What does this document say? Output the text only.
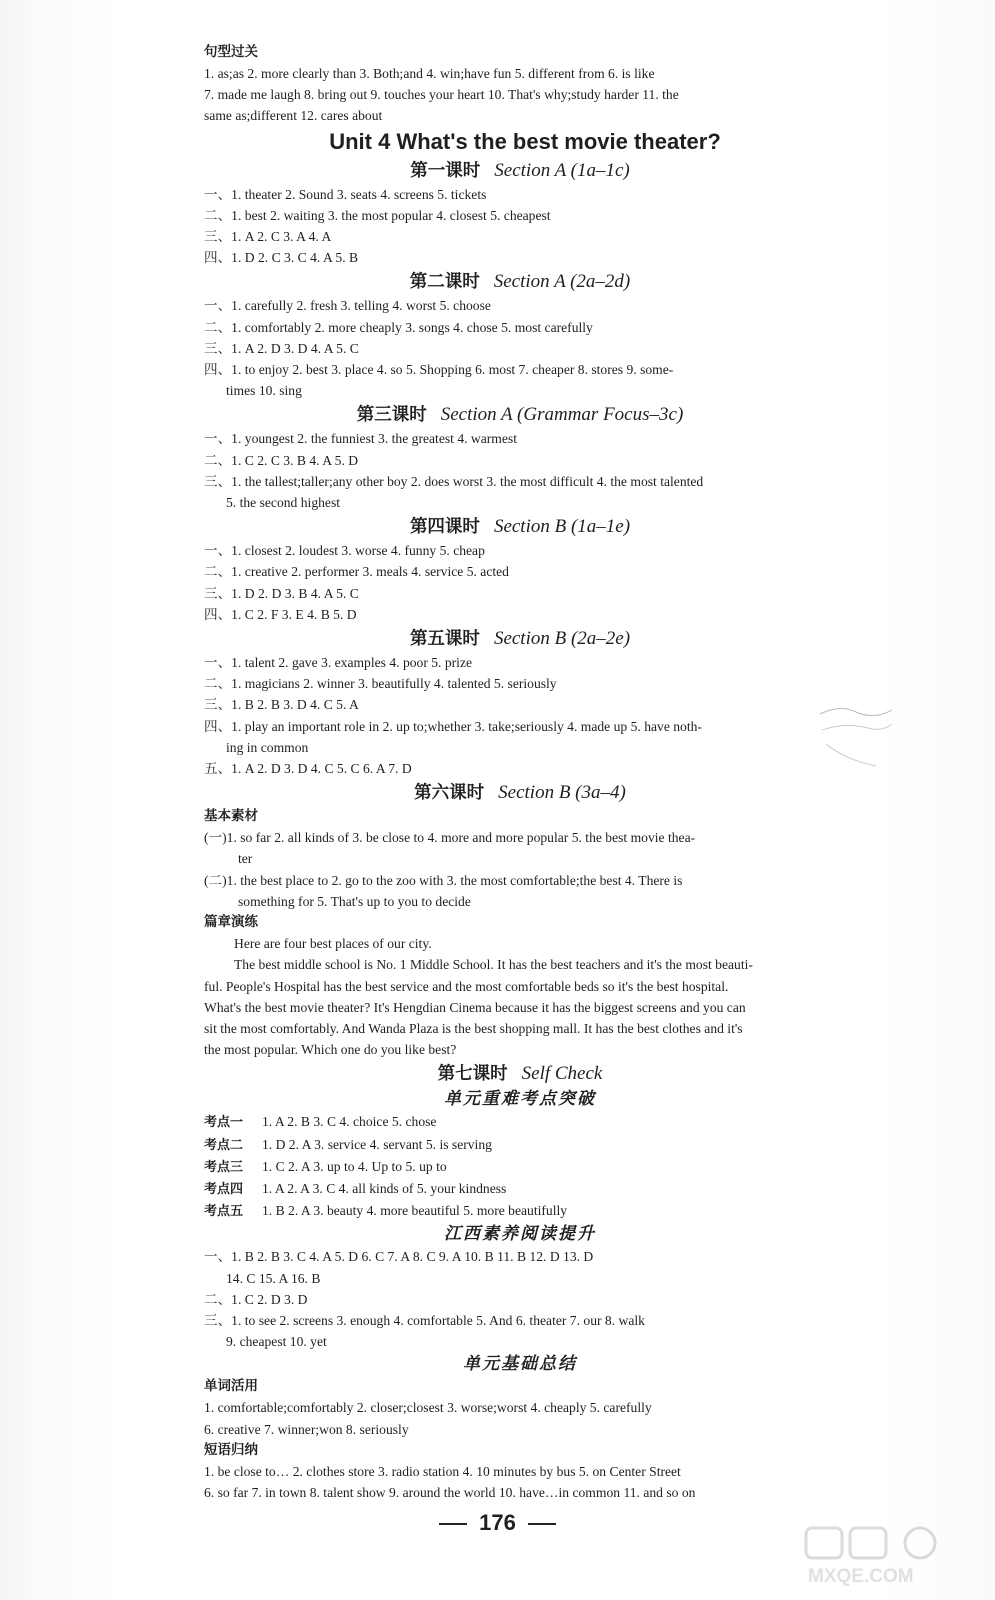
句型过关
1. as;as 2. more clearly than 3. Both;and 4. win;have fun 5. different from 6. is like
7. made me laugh 8. bring out 9. touches your heart 10. That's why;study harder 11. the
same as;different 12. cares about
Unit 4 What's the best movie theater?
第一课时 Section A (1a–1c)
一、1. theater 2. Sound 3. seats 4. screens 5. tickets
二、1. best 2. waiting 3. the most popular 4. closest 5. cheapest
三、1. A 2. C 3. A 4. A
四、1. D 2. C 3. C 4. A 5. B
第二课时 Section A (2a–2d)
一、1. carefully 2. fresh 3. telling 4. worst 5. choose
二、1. comfortably 2. more cheaply 3. songs 4. chose 5. most carefully
三、1. A 2. D 3. D 4. A 5. C
四、1. to enjoy 2. best 3. place 4. so 5. Shopping 6. most 7. cheaper 8. stores 9. some-
times 10. sing
第三课时 Section A (Grammar Focus–3c)
一、1. youngest 2. the funniest 3. the greatest 4. warmest
二、1. C 2. C 3. B 4. A 5. D
三、1. the tallest;taller;any other boy 2. does worst 3. the most difficult 4. the most talented
5. the second highest
第四课时 Section B (1a–1e)
一、1. closest 2. loudest 3. worse 4. funny 5. cheap
二、1. creative 2. performer 3. meals 4. service 5. acted
三、1. D 2. D 3. B 4. A 5. C
四、1. C 2. F 3. E 4. B 5. D
第五课时 Section B (2a–2e)
一、1. talent 2. gave 3. examples 4. poor 5. prize
二、1. magicians 2. winner 3. beautifully 4. talented 5. seriously
三、1. B 2. B 3. D 4. C 5. A
四、1. play an important role in 2. up to;whether 3. take;seriously 4. made up 5. have noth-
ing in common
五、1. A 2. D 3. D 4. C 5. C 6. A 7. D
第六课时 Section B (3a–4)
基本素材
(一)1. so far 2. all kinds of 3. be close to 4. more and more popular 5. the best movie thea-
ter
(二)1. the best place to 2. go to the zoo with 3. the most comfortable;the best 4. There is
something for 5. That's up to you to decide
篇章演练
Here are four best places of our city.
The best middle school is No. 1 Middle School. It has the best teachers and it's the most beauti-
ful. People's Hospital has the best service and the most comfortable beds so it's the best hospital.
What's the best movie theater? It's Hengdian Cinema because it has the biggest screens and you can
sit the most comfortably. And Wanda Plaza is the best shopping mall. It has the best clothes and it's
the most popular. Which one do you like best?
第七课时 Self Check
单元重难考点突破
考点一 1. A 2. B 3. C 4. choice 5. chose
考点二 1. D 2. A 3. service 4. servant 5. is serving
考点三 1. C 2. A 3. up to 4. Up to 5. up to
考点四 1. A 2. A 3. C 4. all kinds of 5. your kindness
考点五 1. B 2. A 3. beauty 4. more beautiful 5. more beautifully
江西素养阅读提升
一、1. B 2. B 3. C 4. A 5. D 6. C 7. A 8. C 9. A 10. B 11. B 12. D 13. D
14. C 15. A 16. B
二、1. C 2. D 3. D
三、1. to see 2. screens 3. enough 4. comfortable 5. And 6. theater 7. our 8. walk
9. cheapest 10. yet
单元基础总结
单词活用
1. comfortable;comfortably 2. closer;closest 3. worse;worst 4. cheaply 5. carefully
6. creative 7. winner;won 8. seriously
短语归纳
1. be close to… 2. clothes store 3. radio station 4. 10 minutes by bus 5. on Center Street
6. so far 7. in town 8. talent show 9. around the world 10. have…in common 11. and so on
176
MXQE.COM
